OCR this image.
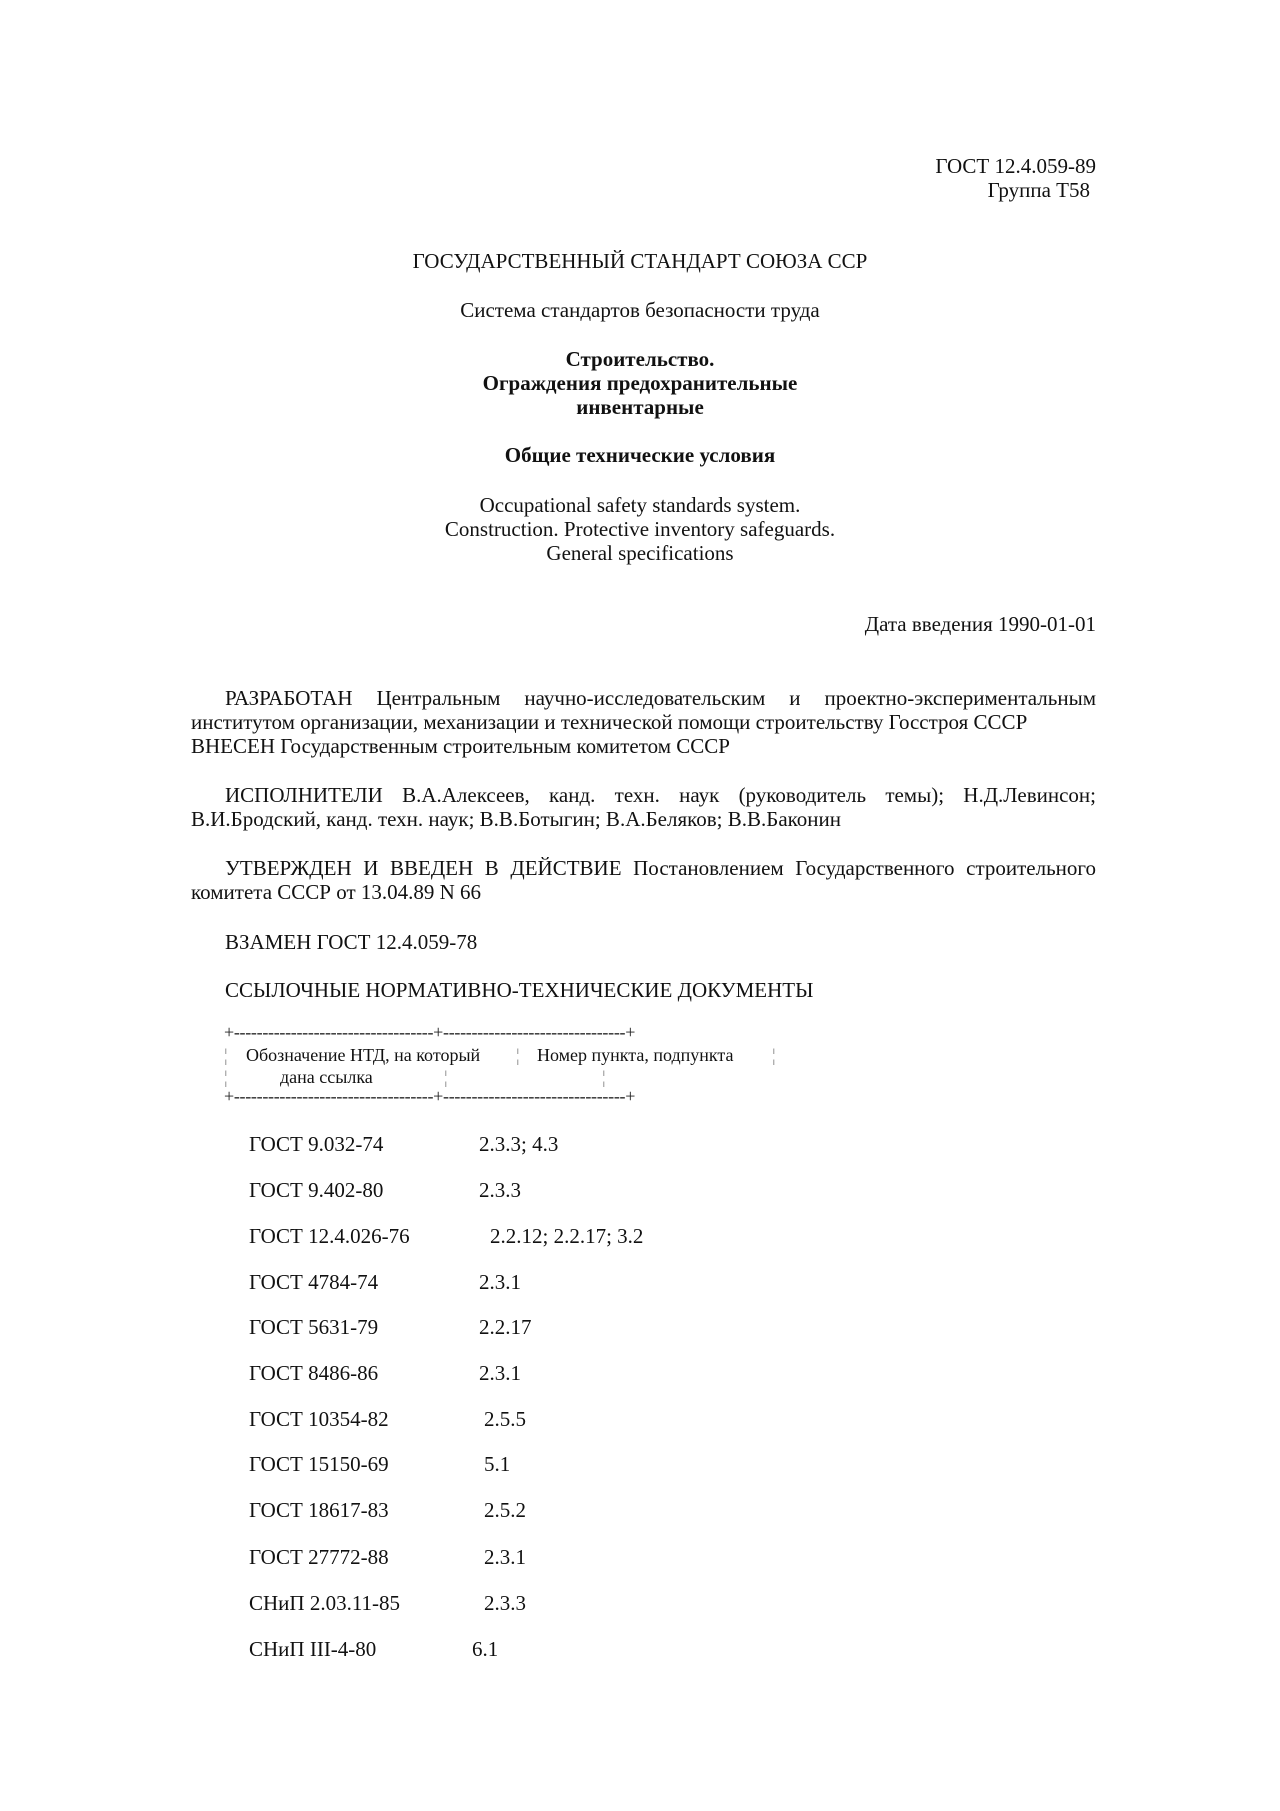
ГОСТ 12.4.059-89
Группа Т58
ГОСУДАРСТВЕННЫЙ СТАНДАРТ СОЮЗА ССР
Система стандартов безопасности труда
Строительство.
Ограждения предохранительные
инвентарные
Общие технические условия
Occupational safety standards system.
Construction. Protective inventory safeguards.
General specifications
Дата введения 1990-01-01
РАЗРАБОТАН Центральным научно-исследовательским и проектно-экспериментальным институтом организации, механизации и технической помощи строительству Госстроя СССР
ВНЕСЕН Государственным строительным комитетом СССР
ИСПОЛНИТЕЛИ В.А.Алексеев, канд. техн. наук (руководитель темы); Н.Д.Левинсон; В.И.Бродский, канд. техн. наук; В.В.Ботыгин; В.А.Беляков; В.В.Баконин
УТВЕРЖДЕН И ВВЕДЕН В ДЕЙСТВИЕ Постановлением Государственного строительного комитета СССР от 13.04.89 N 66
ВЗАМЕН ГОСТ 12.4.059-78
ССЫЛОЧНЫЕ НОРМАТИВНО-ТЕХНИЧЕСКИЕ ДОКУМЕНТЫ
+-----------------------------------+--------------------------------+
¦ Обозначение НТД, на который ¦ Номер пункта, подпункта ¦
¦	дана ссылка	¦	¦
+-----------------------------------+--------------------------------+
ГОСТ 9.032-74	2.3.3; 4.3
ГОСТ 9.402-80	2.3.3
ГОСТ 12.4.026-76	2.2.12; 2.2.17; 3.2
ГОСТ 4784-74	2.3.1
ГОСТ 5631-79	2.2.17
ГОСТ 8486-86	2.3.1
ГОСТ 10354-82	2.5.5
ГОСТ 15150-69	5.1
ГОСТ 18617-83	2.5.2
ГОСТ 27772-88	2.3.1
СНиП 2.03.11-85	2.3.3
СНиП III-4-80	6.1
